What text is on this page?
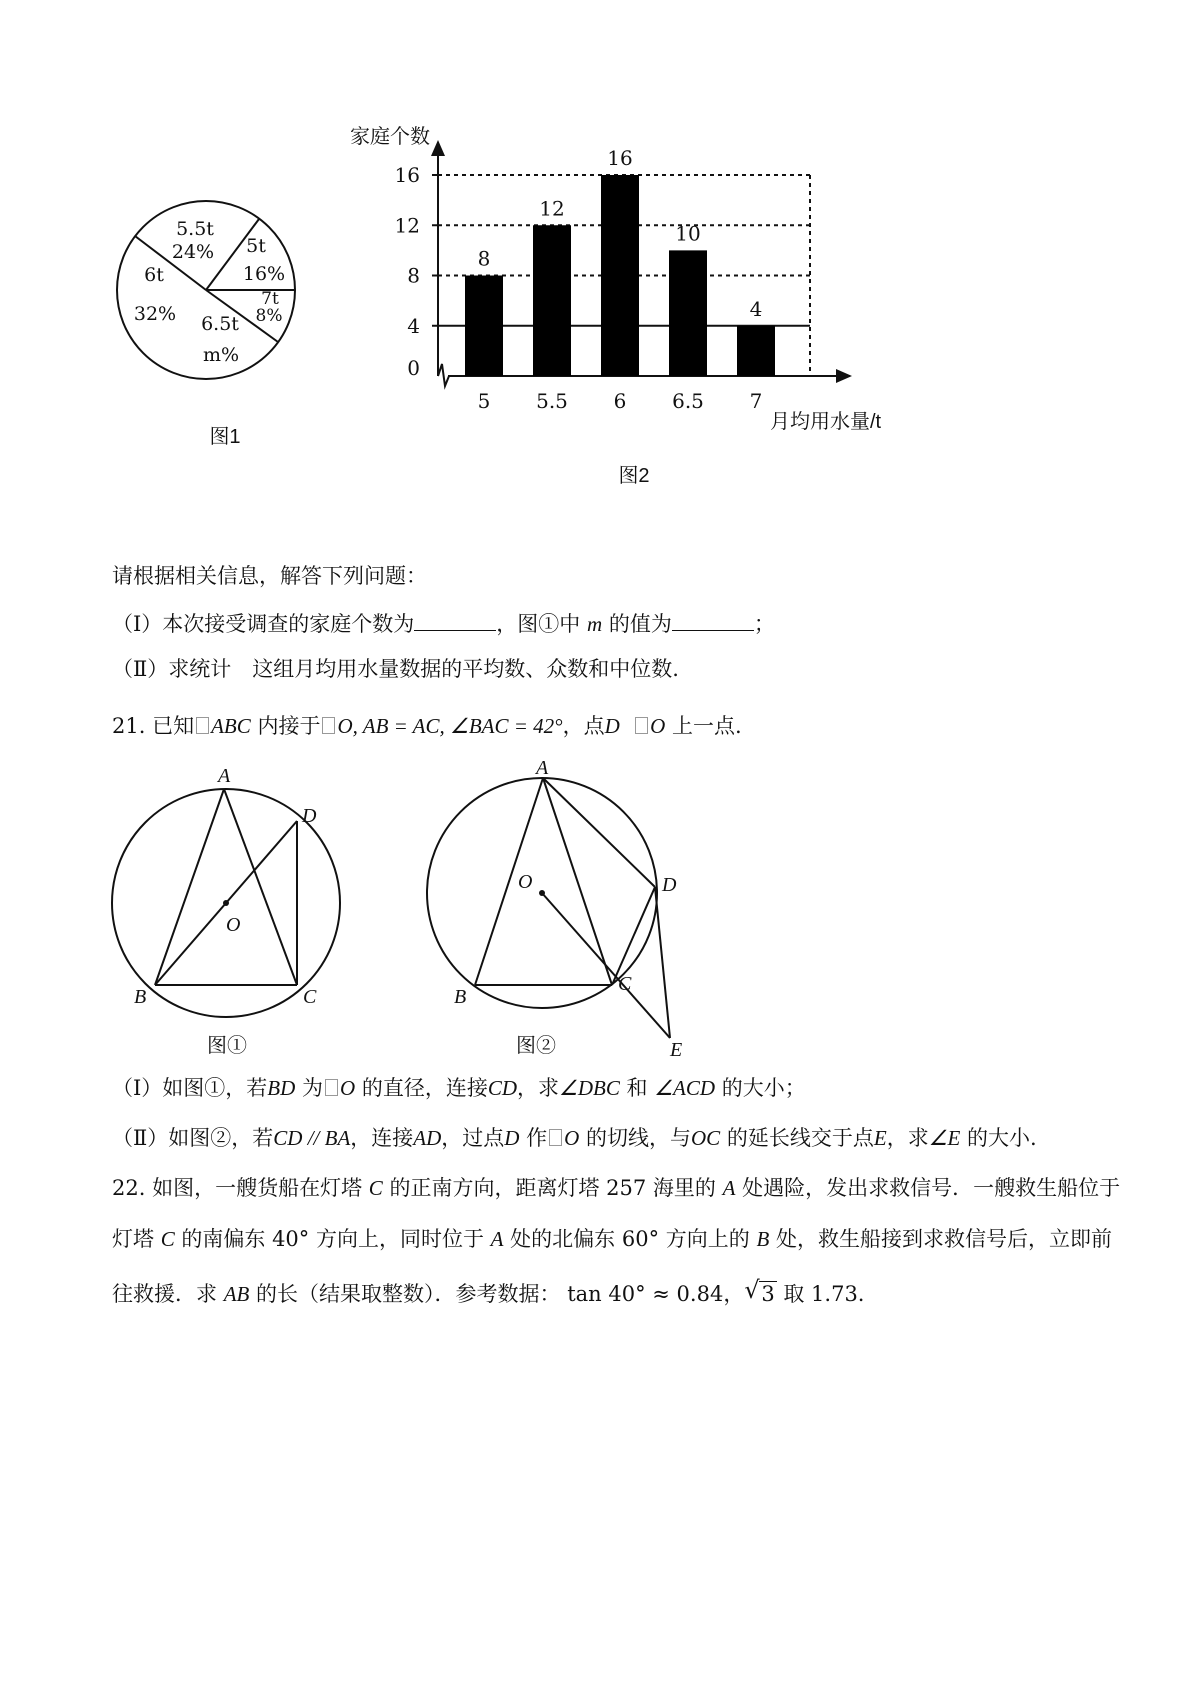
5.5t
24% 5t
16%
7t
8%
6.5t
m%
6t
32%
图1
家庭个数
月均用水量/t
图2
0
4
8
12
16
8
5
12
5.5
16
6
10
6.5
4
7
请根据相关信息，解答下列问题：
（Ⅰ）本次接受调查的家庭个数为	，图①中 m 的值为	；
（Ⅱ）求统计　这组月均用水量数据的平均数、众数和中位数.
21. 已知 ABC 内接于 O, AB = AC, ∠BAC = 42°，点D O 上一点.
A
D
O
B	C
图①
A
O	D
C
B
E
图②
（Ⅰ）如图①，若BD 为 O 的直径，连接CD，求∠DBC 和 ∠ACD 的大小；
（Ⅱ）如图②，若CD // BA，连接AD，过点D 作 O 的切线，与OC 的延长线交于点E，求∠E 的大小.
22. 如图，一艘货船在灯塔 C 的正南方向，距离灯塔 257 海里的 A 处遇险，发出求救信号．一艘救生船位于
灯塔 C 的南偏东 40° 方向上，同时位于 A 处的北偏东 60° 方向上的 B 处，救生船接到求救信号后，立即前
往救援．求 AB 的长（结果取整数）．参考数据： tan 40° ≈ 0.84， √ 3 取 1.73.
